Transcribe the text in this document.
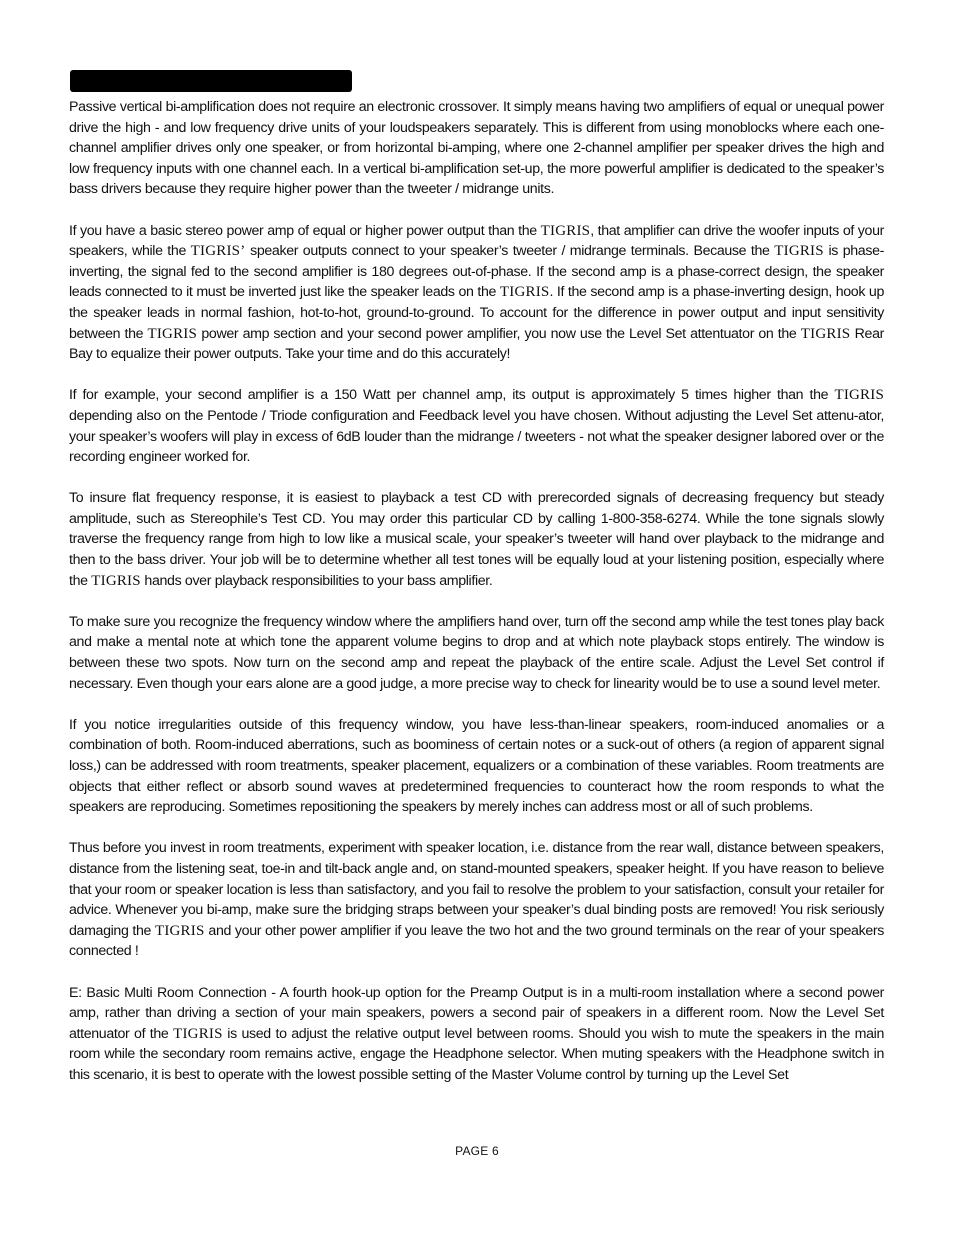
Passive vertical bi-amplification does not require an electronic crossover. It simply means having two amplifiers of equal or unequal power drive the high - and low frequency drive units of your loudspeakers separately. This is different from using monoblocks where each one-channel amplifier drives only one speaker, or from horizontal bi-amping, where one 2-channel amplifier per speaker drives the high and low frequency inputs with one channel each. In a vertical bi-amplification set-up, the more powerful amplifier is dedicated to the speaker’s bass drivers because they require higher power than the tweeter / midrange units.

If you have a basic stereo power amp of equal or higher power output than the TIGRIS, that amplifier can drive the woofer inputs of your speakers, while the TIGRIS’ speaker outputs connect to your speaker’s tweeter / midrange terminals. Because the TIGRIS is phase-inverting, the signal fed to the second amplifier is 180 degrees out-of-phase. If the second amp is a phase-correct design, the speaker leads connected to it must be inverted just like the speaker leads on the TIGRIS. If the second amp is a phase-inverting design, hook up the speaker leads in normal fashion, hot-to-hot, ground-to-ground. To account for the difference in power output and input sensitivity between the TIGRIS power amp section and your second power amplifier, you now use the Level Set attentuator on the TIGRIS Rear Bay to equalize their power outputs. Take your time and do this accurately!

If for example, your second amplifier is a 150 Watt per channel amp, its output is approximately 5 times higher than the TIGRIS depending also on the Pentode / Triode configuration and Feedback level you have chosen. Without adjusting the Level Set attenu-ator, your speaker’s woofers will play in excess of 6dB louder than the midrange / tweeters - not what the speaker designer labored over or the recording engineer worked for.

To insure flat frequency response, it is easiest to playback a test CD with prerecorded signals of decreasing frequency but steady amplitude, such as Stereophile’s Test CD. You may order this particular CD by calling 1-800-358-6274. While the tone signals slowly traverse the frequency range from high to low like a musical scale, your speaker’s tweeter will hand over playback to the midrange and then to the bass driver. Your job will be to determine whether all test tones will be equally loud at your listening position, especially where the TIGRIS hands over playback responsibilities to your bass amplifier.

To make sure you recognize the frequency window where the amplifiers hand over, turn off the second amp while the test tones play back and make a mental note at which tone the apparent volume begins to drop and at which note playback stops entirely. The window is between these two spots. Now turn on the second amp and repeat the playback of the entire scale. Adjust the Level Set control if necessary. Even though your ears alone are a good judge, a more precise way to check for linearity would be to use a sound level meter.

If you notice irregularities outside of this frequency window, you have less-than-linear speakers, room-induced anomalies or a combination of both. Room-induced aberrations, such as boominess of certain notes or a suck-out of others (a region of apparent signal loss,) can be addressed with room treatments, speaker placement, equalizers or a combination of these variables. Room treatments are objects that either reflect or absorb sound waves at predetermined frequencies to counteract how the room responds to what the speakers are reproducing. Sometimes repositioning the speakers by merely inches can address most or all of such problems.

Thus before you invest in room treatments, experiment with speaker location, i.e. distance from the rear wall, distance between speakers, distance from the listening seat, toe-in and tilt-back angle and, on stand-mounted speakers, speaker height. If you have reason to believe that your room or speaker location is less than satisfactory, and you fail to resolve the problem to your satisfaction, consult your retailer for advice. Whenever you bi-amp, make sure the bridging straps between your speaker’s dual binding posts are removed! You risk seriously damaging the TIGRIS and your other power amplifier if you leave the two hot and the two ground terminals on the rear of your speakers connected !

E: Basic Multi Room Connection - A fourth hook-up option for the Preamp Output is in a multi-room installation where a second power amp, rather than driving a section of your main speakers, powers a second pair of speakers in a different room. Now the Level Set attenuator of the TIGRIS is used to adjust the relative output level between rooms. Should you wish to mute the speakers in the main room while the secondary room remains active, engage the Headphone selector. When muting speakers with the Headphone switch in this scenario, it is best to operate with the lowest possible setting of the Master Volume control by turning up the Level Set

PAGE 6
